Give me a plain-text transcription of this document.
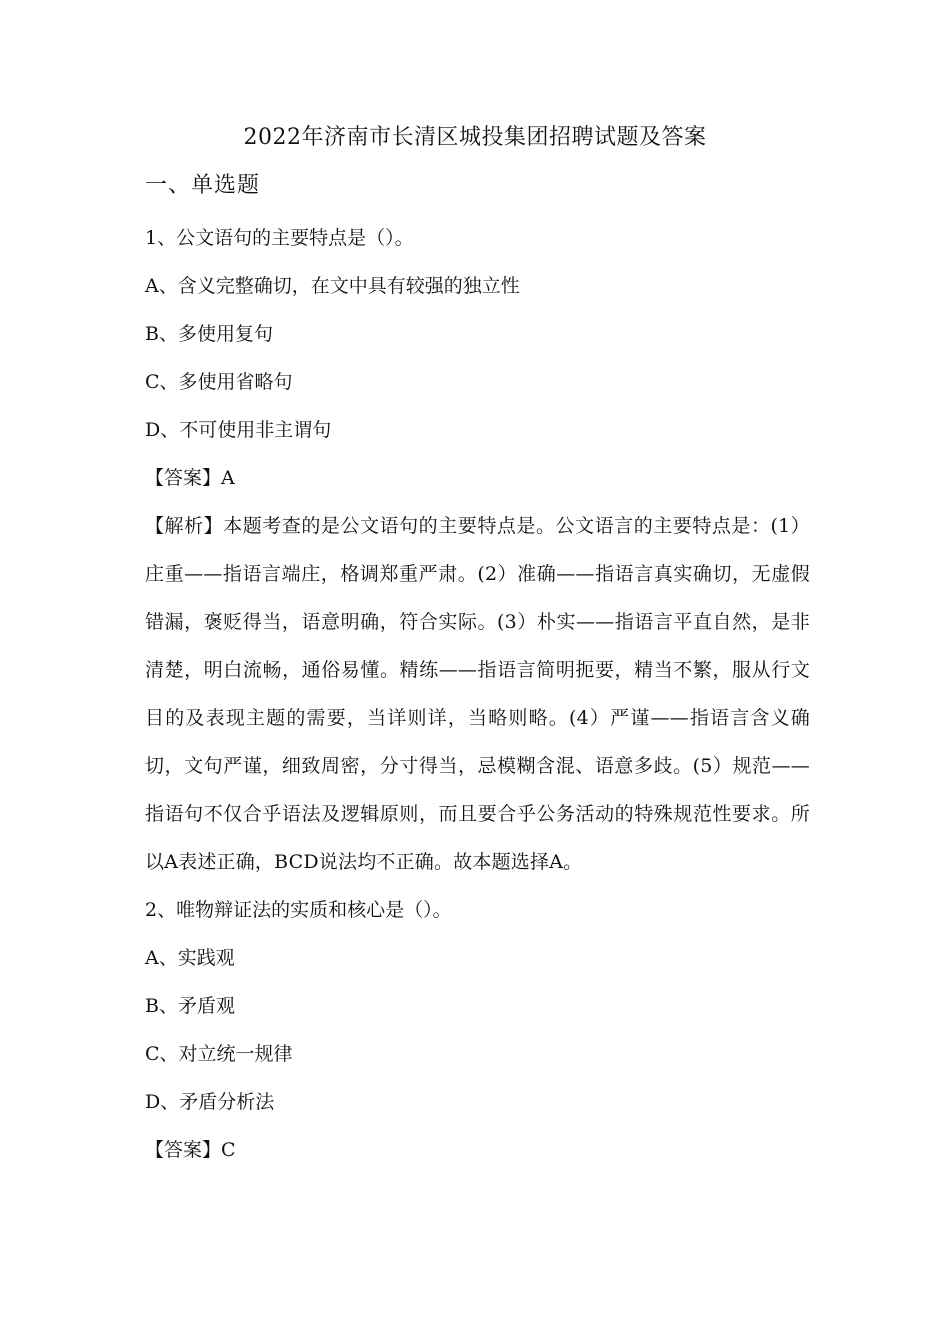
2022年济南市长清区城投集团招聘试题及答案
一、单选题
1、公文语句的主要特点是（）。
A、含义完整确切，在文中具有较强的独立性
B、多使用复句
C、多使用省略句
D、不可使用非主谓句
【答案】A
【解析】本题考查的是公文语句的主要特点是。公文语言的主要特点是：(1）庄重——指语言端庄，格调郑重严肃。(2）准确——指语言真实确切，无虚假错漏，褒贬得当，语意明确，符合实际。(3）朴实——指语言平直自然，是非清楚，明白流畅，通俗易懂。精练——指语言简明扼要，精当不繁，服从行文目的及表现主题的需要，当详则详，当略则略。(4）严谨——指语言含义确切，文句严谨，细致周密，分寸得当，忌模糊含混、语意多歧。(5）规范——指语句不仅合乎语法及逻辑原则，而且要合乎公务活动的特殊规范性要求。所以A表述正确，BCD说法均不正确。故本题选择A。
2、唯物辩证法的实质和核心是（）。
A、实践观
B、矛盾观
C、对立统一规律
D、矛盾分析法
【答案】C
